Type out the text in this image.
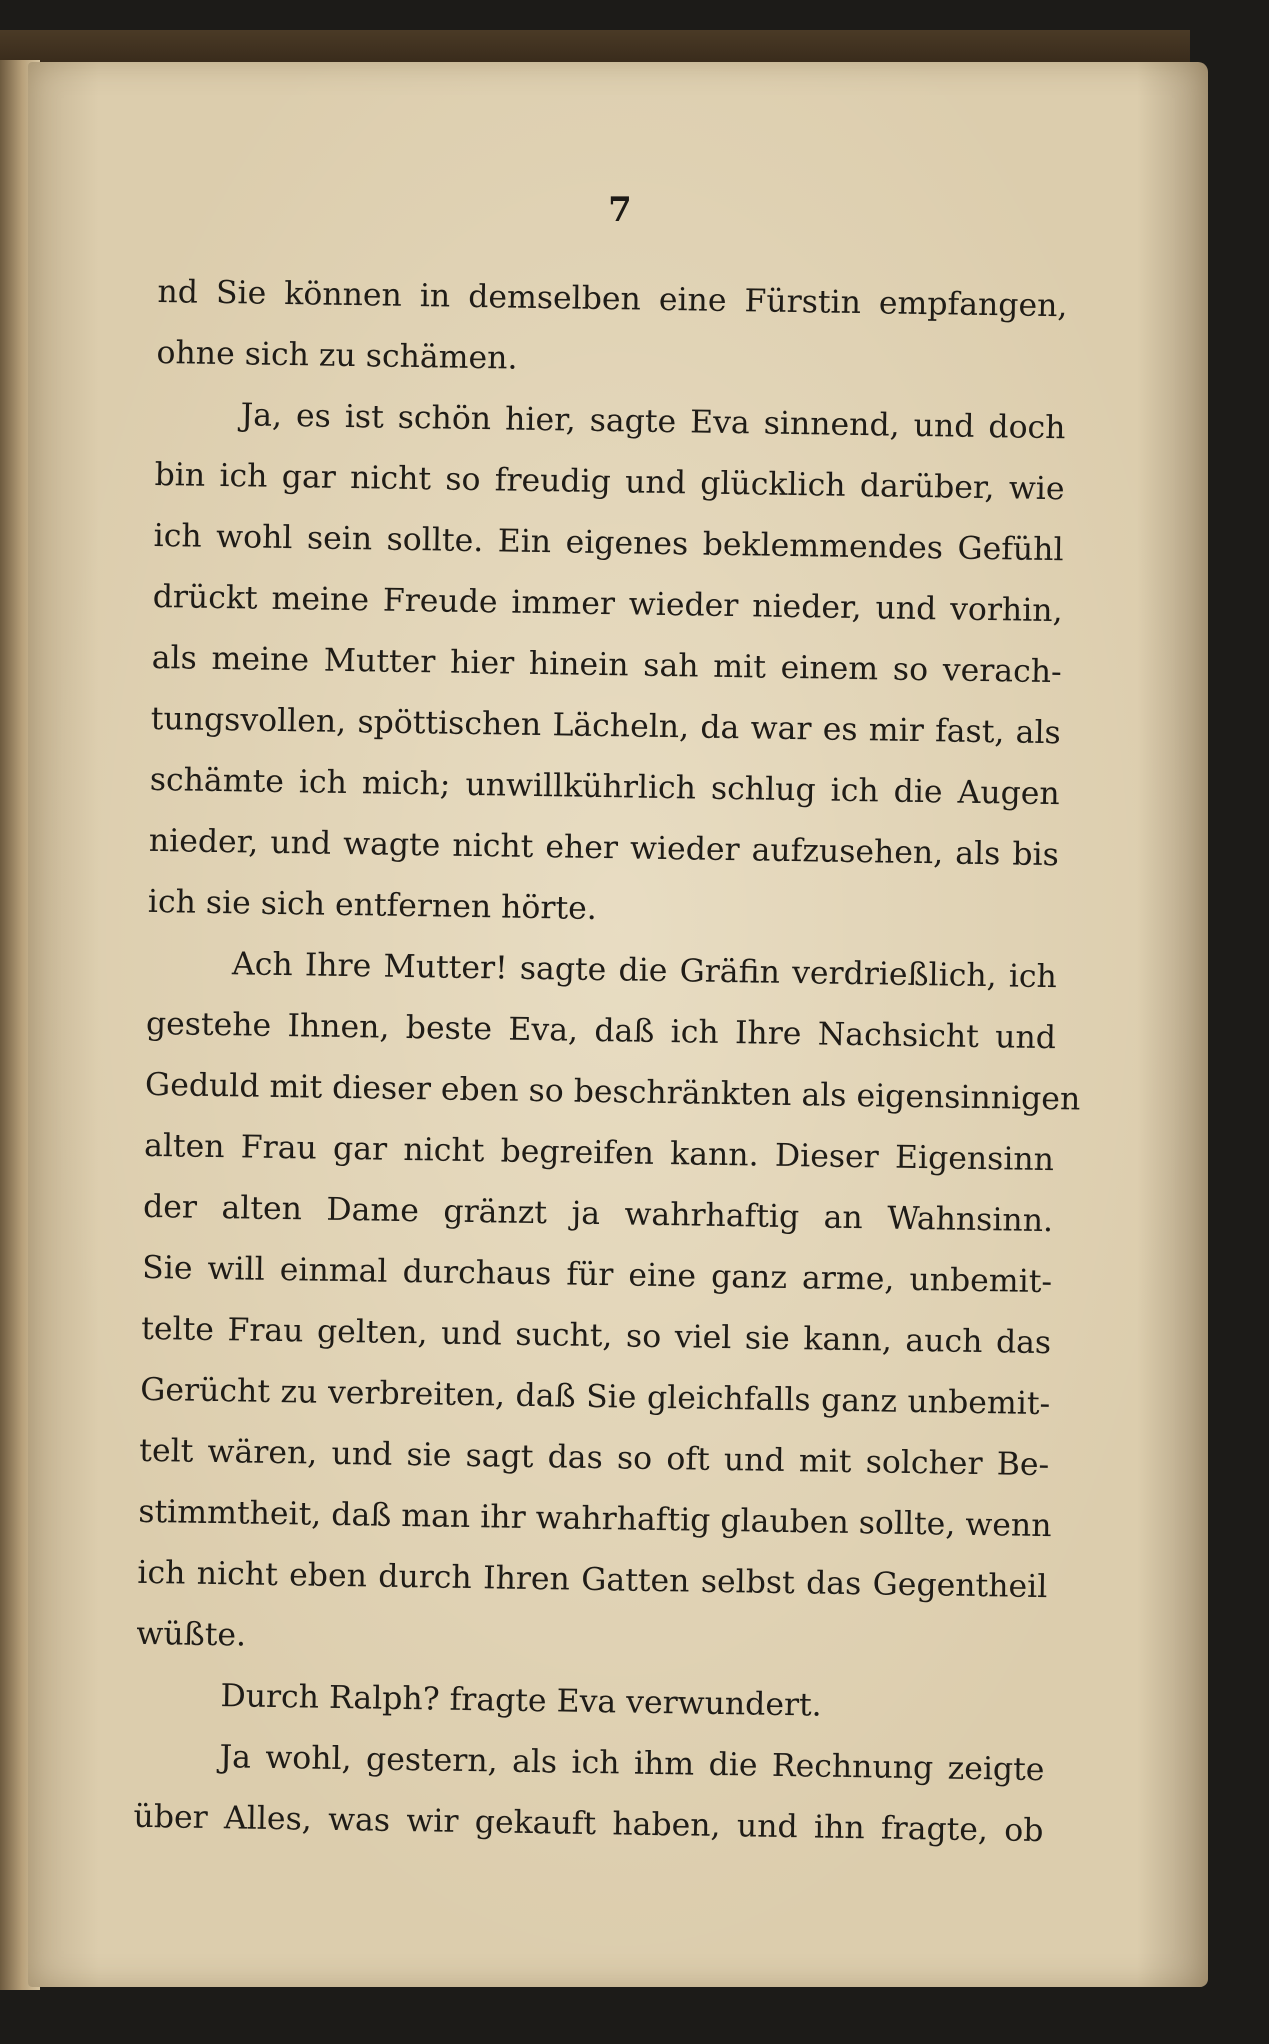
7
nd Sie können in demselben eine Fürstin empfangen,
ohne sich zu schämen.
Ja, es ist schön hier, sagte Eva sinnend, und doch
bin ich gar nicht so freudig und glücklich darüber, wie
ich wohl sein sollte. Ein eigenes beklemmendes Gefühl
drückt meine Freude immer wieder nieder, und vorhin,
als meine Mutter hier hinein sah mit einem so verach-
tungsvollen, spöttischen Lächeln, da war es mir fast, als
schämte ich mich; unwillkührlich schlug ich die Augen
nieder, und wagte nicht eher wieder aufzusehen, als bis
ich sie sich entfernen hörte.
Ach Ihre Mutter! sagte die Gräfin verdrießlich, ich
gestehe Ihnen, beste Eva, daß ich Ihre Nachsicht und
Geduld mit dieser eben so beschränkten als eigensinnigen
alten Frau gar nicht begreifen kann. Dieser Eigensinn
der alten Dame gränzt ja wahrhaftig an Wahnsinn.
Sie will einmal durchaus für eine ganz arme, unbemit-
telte Frau gelten, und sucht, so viel sie kann, auch das
Gerücht zu verbreiten, daß Sie gleichfalls ganz unbemit-
telt wären, und sie sagt das so oft und mit solcher Be-
stimmtheit, daß man ihr wahrhaftig glauben sollte, wenn
ich nicht eben durch Ihren Gatten selbst das Gegentheil
wüßte.
Durch Ralph? fragte Eva verwundert.
Ja wohl, gestern, als ich ihm die Rechnung zeigte
über Alles, was wir gekauft haben, und ihn fragte, ob
